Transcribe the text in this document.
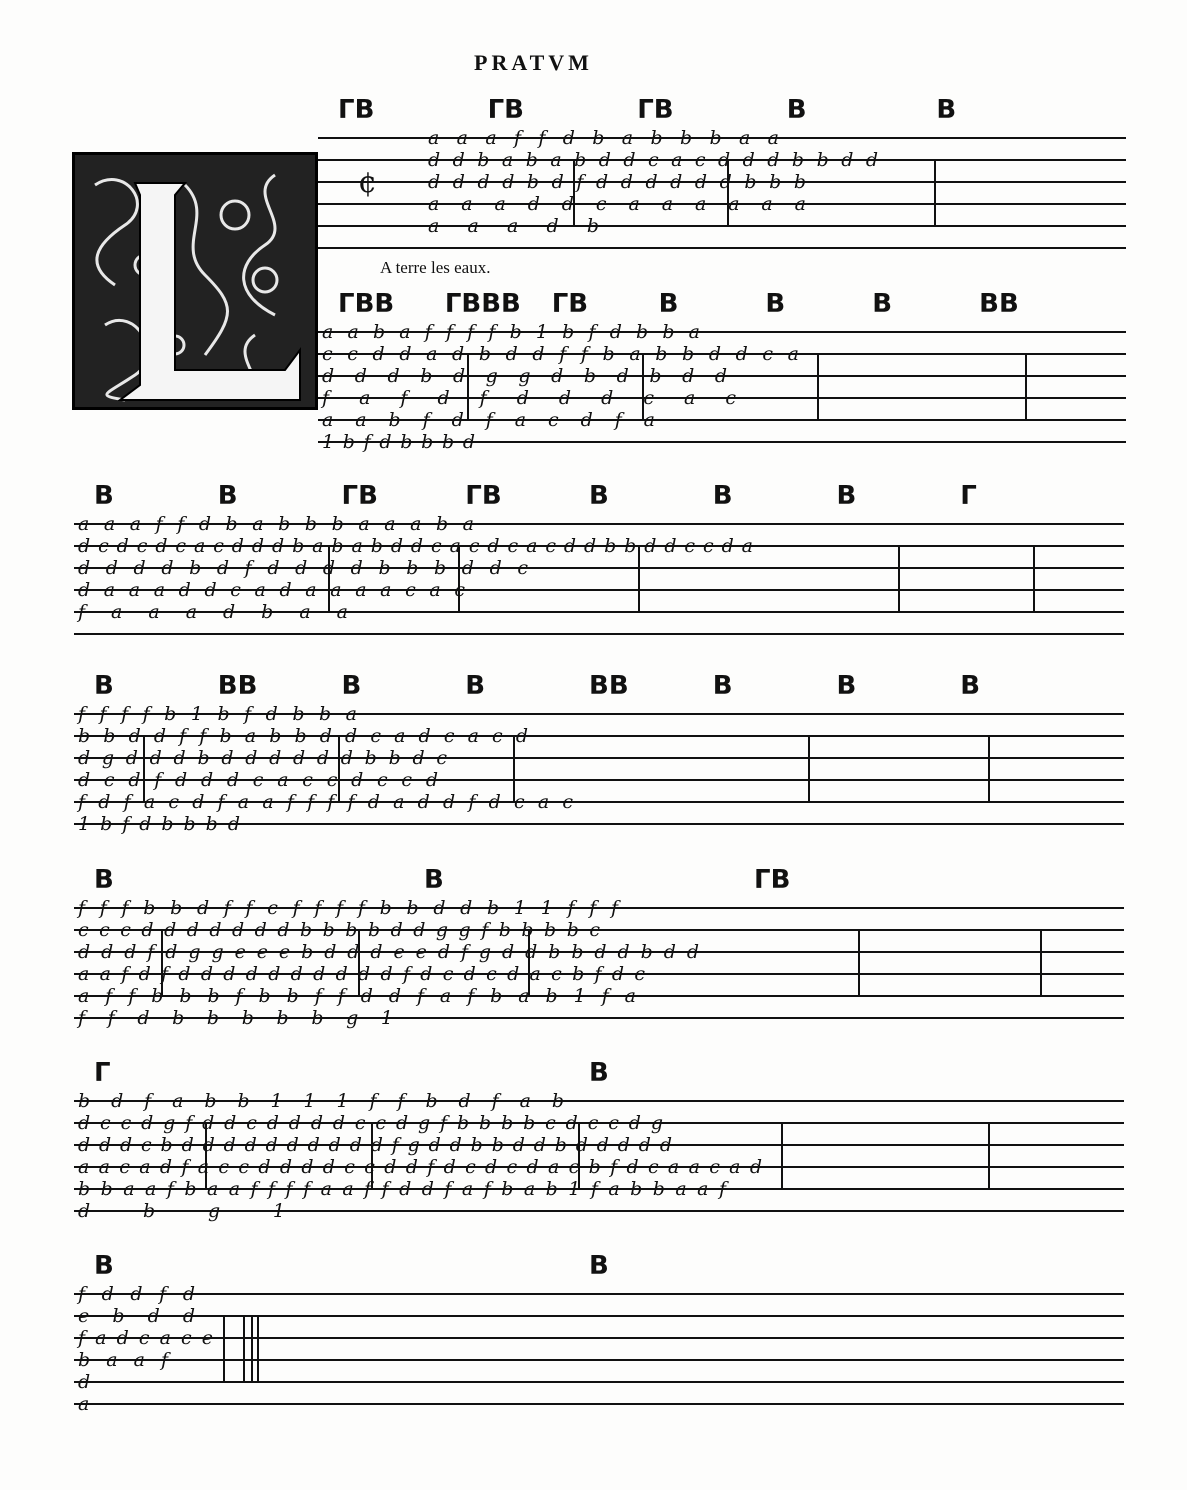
PRATVM
A terre les eaux.
ΓΒ	ΓΒ	ΓΒ	Β	Β
¢
a a a f f d b a b b b a a
d d b a b a b d d c a c d d d b b d d
d d d d b d f d d d d d d b b b
a a a d d c a a a a a a
a a a d b
ΓΒΒ ΓΒΒΒ ΓΒ	Β	Β	Β	ΒΒ
a a b a f f f f b 1 b f d b b a
c c d d a d b d d f f b a b b d d c a
d d d b d g g d b d b d d
f a f d f d d d c a c
a a b f d f a c d f a
1 b f d b b b d
Β	Β	ΓΒ	ΓΒ	Β	Β	Β	Γ
a a a f f d b a b b b a a a b a
d c d c d c a c d d d b a b a b d d c a c d c a c d d b b d d c c d a
d d d d b d f d d d d b b b d d c
d a a a d d c a d a a a a c a c
f a a a d b a a
Β	ΒΒ	Β	Β	ΒΒ	Β	Β	Β
f f f f b 1 b f d b b a
b b d d f f b a b b d d c a d c a c d
d g d d d b d d d d d d b b d c
d c d f d d d c a c c d c c d
f d f a c d f a a f f f f d a d d f d c a c
1 b f d b b b d
Β	Β	ΓΒ
f f f b b d f f c f f f f b b d d b 1 1 f f f
c c c d d d d d d d b b b b d d g g f b b b b c
d d d f d g g e e e b d d d e e d f g d d b b d d b d d
a a f d f d d d d d d d d d d f d c d c d a c b f d c
a f f b b b f b b f f d d f a f b a b 1 f a
f f d b b b b b g 1
Γ	Β
b d f a b b 1 1 1 f f b d f a b
d c c d g f d d c d d d d c c d g f b b b b c d c c d g
d d d c b d d d d d d d d d d f g d d b b d d b d d d d d
a a c a d f a c c d d d d c c d d f d c d c d a c b f d c a a c a d
b b a a f b a a f f f f a a f f d d f a f b a b 1 f a b b a a f
d b g 1
Β	Β
f d d f d
e b d d
f a d c a c e
b a a f
d
a
